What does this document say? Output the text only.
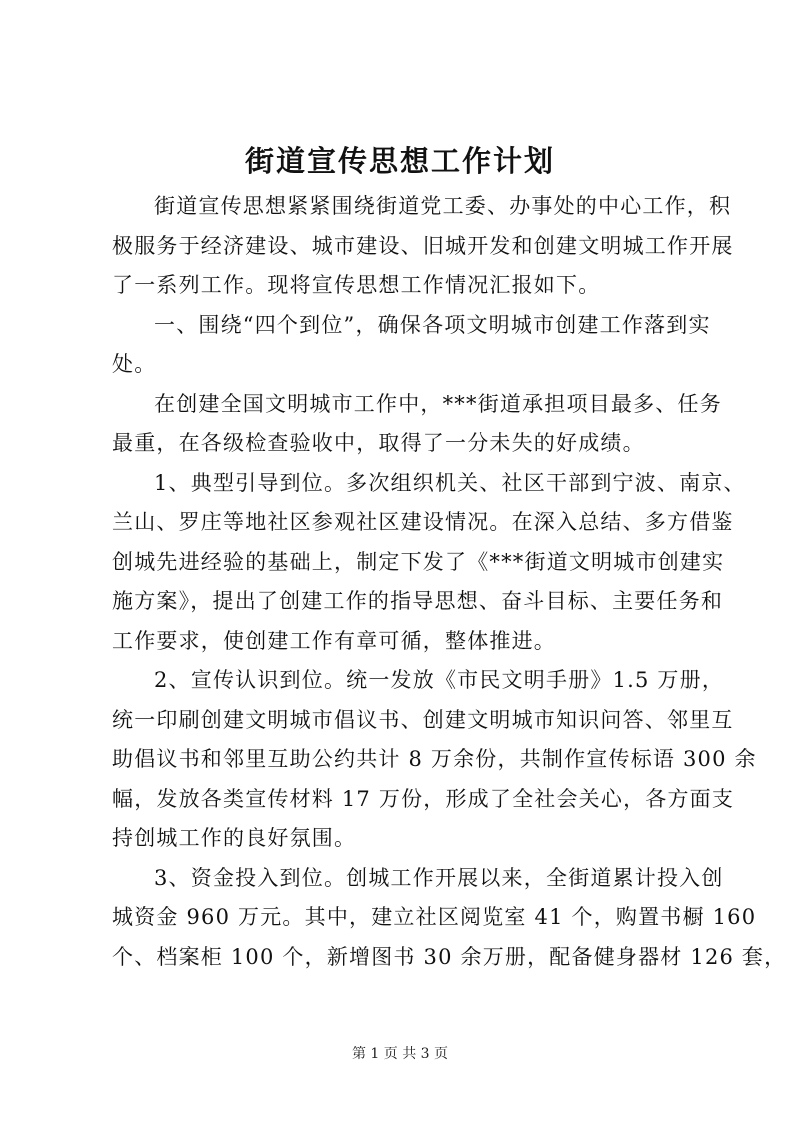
街道宣传思想工作计划
街道宣传思想紧紧围绕街道党工委、办事处的中心工作，积
极服务于经济建设、城市建设、旧城开发和创建文明城工作开展
了一系列工作。现将宣传思想工作情况汇报如下。
一、围绕“四个到位”，确保各项文明城市创建工作落到实
处。
在创建全国文明城市工作中，***街道承担项目最多、任务
最重，在各级检查验收中，取得了一分未失的好成绩。
1、典型引导到位。多次组织机关、社区干部到宁波、南京、
兰山、罗庄等地社区参观社区建设情况。在深入总结、多方借鉴
创城先进经验的基础上，制定下发了《***街道文明城市创建实
施方案》，提出了创建工作的指导思想、奋斗目标、主要任务和
工作要求，使创建工作有章可循，整体推进。
2、宣传认识到位。统一发放《市民文明手册》1.5 万册，
统一印刷创建文明城市倡议书、创建文明城市知识问答、邻里互
助倡议书和邻里互助公约共计 8 万余份，共制作宣传标语 300 余
幅，发放各类宣传材料 17 万份，形成了全社会关心，各方面支
持创城工作的良好氛围。
3、资金投入到位。创城工作开展以来，全街道累计投入创
城资金 960 万元。其中，建立社区阅览室 41 个，购置书橱 160
个、档案柜 100 个，新增图书 30 余万册，配备健身器材 126 套，
第 1 页 共 3 页
